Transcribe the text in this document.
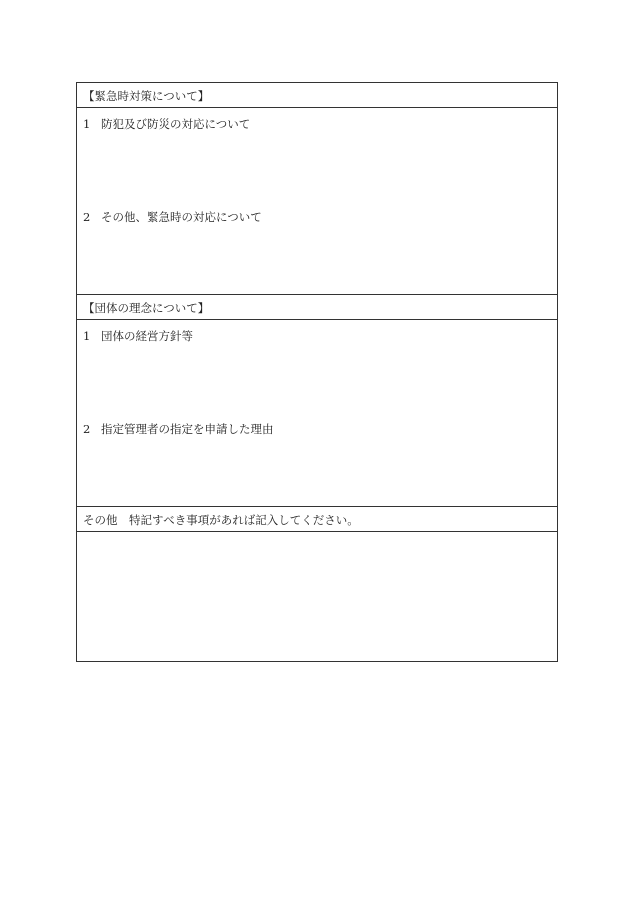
【緊急時対策について】
1 防犯及び防災の対応について
2 その他、緊急時の対応について
【団体の理念について】
1 団体の経営方針等
2 指定管理者の指定を申請した理由
その他　特記すべき事項があれば記入してください。
